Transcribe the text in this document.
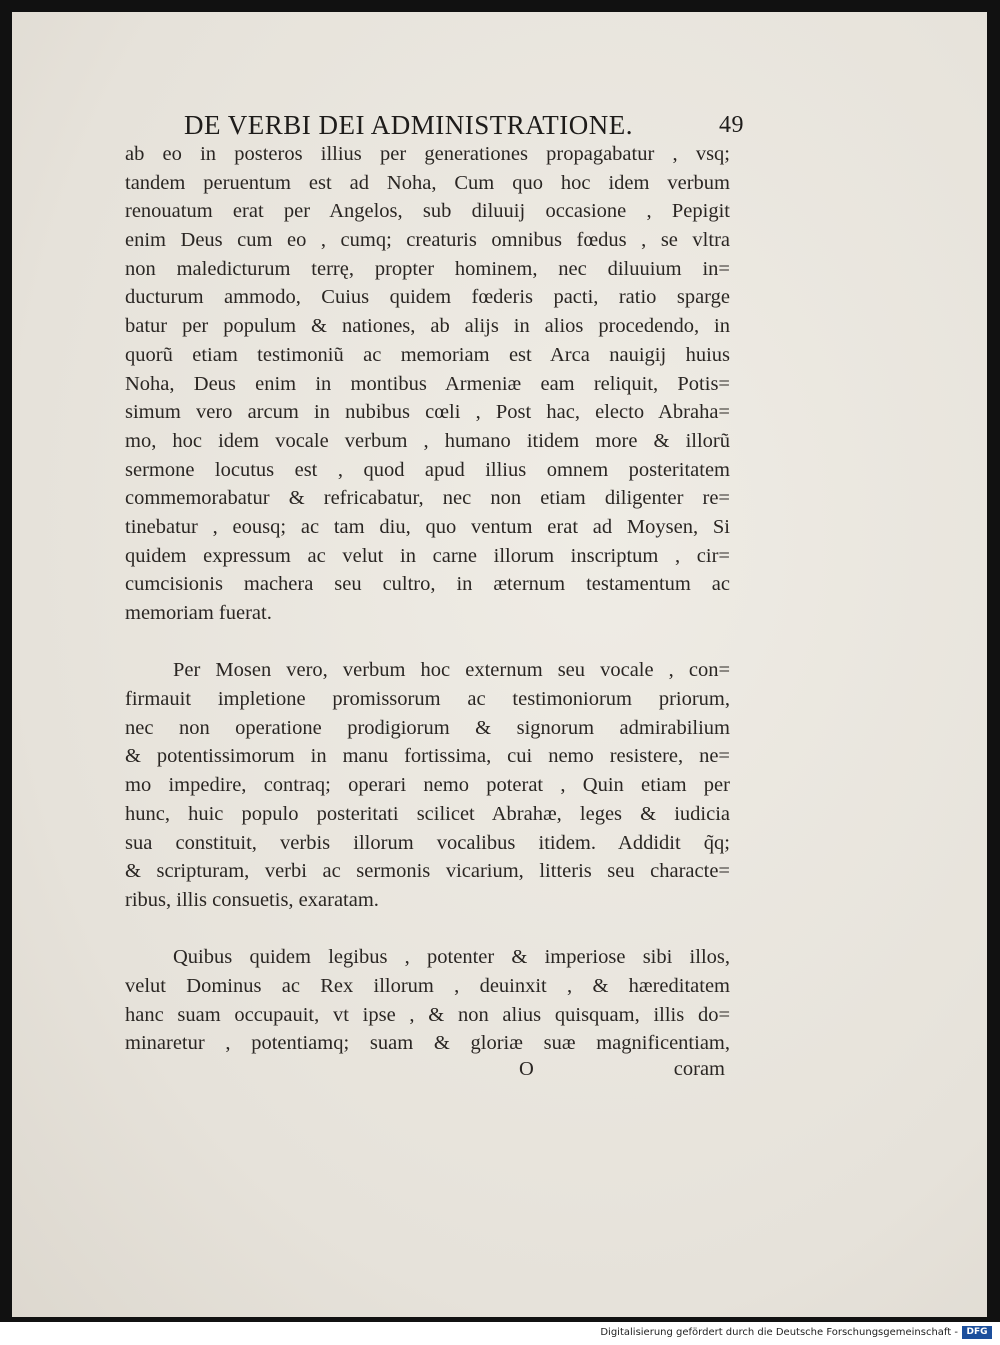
DE VERBI DEI ADMINISTRATIONE.	49
ab eo in posteros illius per generationes propagabatur , vsq;
tandem peruentum est ad Noha, Cum quo hoc idem verbum
renouatum erat per Angelos, sub diluuij occasione , Pepigit
enim Deus cum eo , cumq; creaturis omnibus fœdus , se vltra
non maledicturum terrę, propter hominem, nec diluuium in=
ducturum ammodo, Cuius quidem fœderis pacti, ratio sparge
batur per populum & nationes, ab alijs in alios procedendo, in
quorũ etiam testimoniũ ac memoriam est Arca nauigij huius
Noha, Deus enim in montibus Armeniæ eam reliquit, Potis=
simum vero arcum in nubibus cœli , Post hac, electo Abraha=
mo, hoc idem vocale verbum , humano itidem more & illorũ
sermone locutus est , quod apud illius omnem posteritatem
commemorabatur & refricabatur, nec non etiam diligenter re=
tinebatur , eousq; ac tam diu, quo ventum erat ad Moysen, Si
quidem expressum ac velut in carne illorum inscriptum , cir=
cumcisionis machera seu cultro, in æternum testamentum ac
memoriam fuerat.
Per Mosen vero, verbum hoc externum seu vocale , con=
firmauit impletione promissorum ac testimoniorum priorum,
nec non operatione prodigiorum & signorum admirabilium
& potentissimorum in manu fortissima, cui nemo resistere, ne=
mo impedire, contraq; operari nemo poterat , Quin etiam per
hunc, huic populo posteritati scilicet Abrahæ, leges & iudicia
sua constituit, verbis illorum vocalibus itidem. Addidit q̃q;
& scripturam, verbi ac sermonis vicarium, litteris seu characte=
ribus, illis consuetis, exaratam.
Quibus quidem legibus , potenter & imperiose sibi illos,
velut Dominus ac Rex illorum , deuinxit , & hæreditatem
hanc suam occupauit, vt ipse , & non alius quisquam, illis do=
minaretur , potentiamq; suam & gloriæ suæ magnificentiam,
O	coram
Digitalisierung gefördert durch die Deutsche Forschungsgemeinschaft - DFG
